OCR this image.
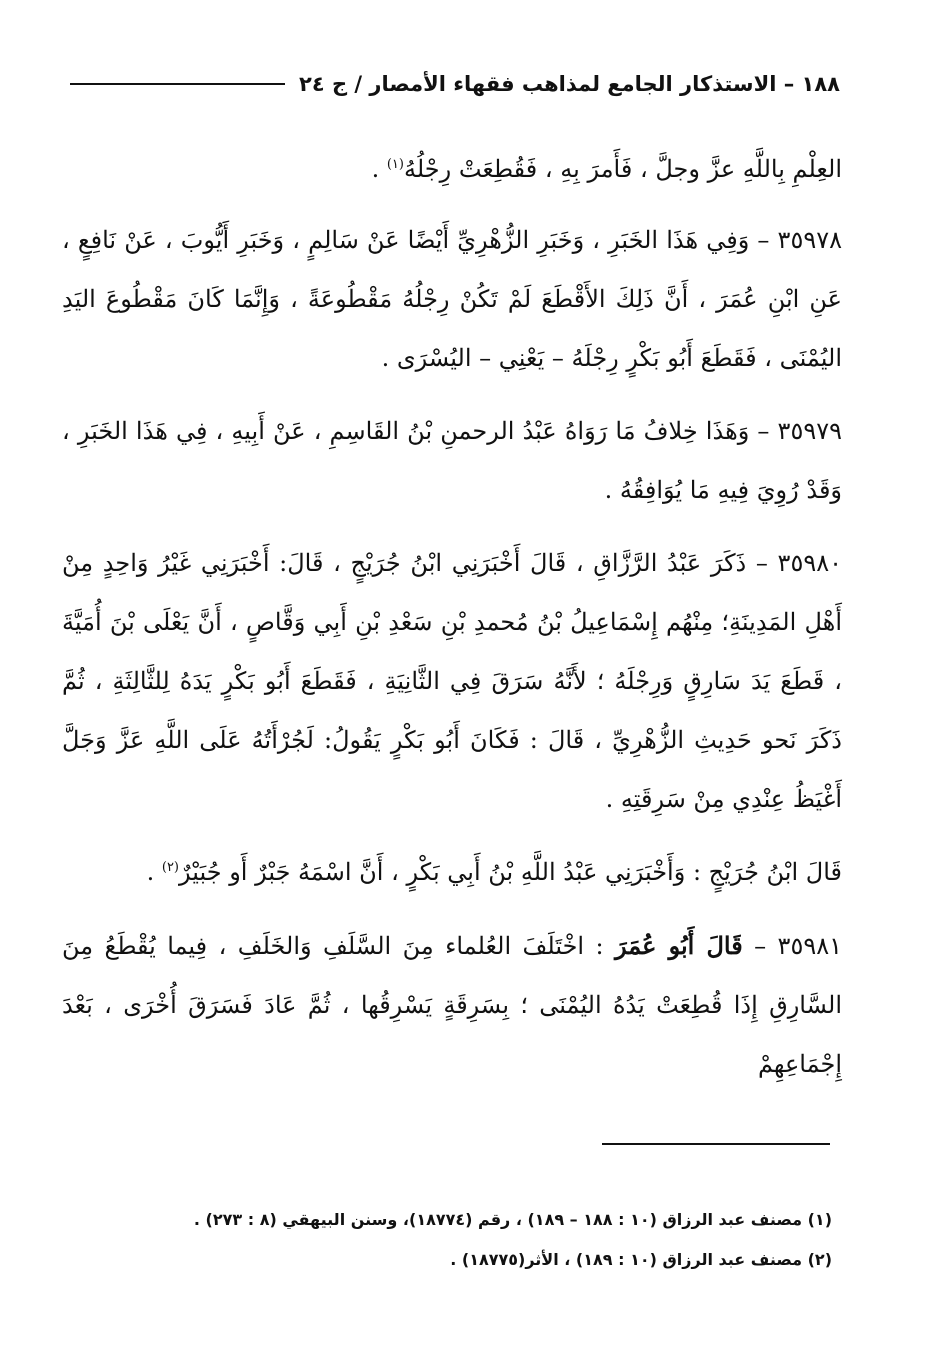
١٨٨ – الاستذكار الجامع لمذاهب فقهاء الأمصار / ج ٢٤

العِلْمِ بِاللَّهِ عزَّ وجلَّ ، فَأَمرَ بِهِ ، فَقُطِعَتْ رِجْلُهُ$^{(١)}$ .

٣٥٩٧٨ – وَفِي هَذَا الخَبَرِ ، وَخَبَرِ الزُّهْرِيِّ أَيْضًا عَنْ سَالِمٍ ، وَخَبَرِ أَيُّوبَ ، عَنْ نَافِعٍ ، عَنِ ابْنِ عُمَرَ ، أَنَّ ذَلِكَ الأَقْطَعَ لَمْ تَكُنْ رِجْلُهُ مَقْطُوعَةً ، وَإِنَّمَا كَانَ مَقْطُوعَ اليَدِ اليُمْنَى ، فَقَطَعَ أَبُو بَكْرٍ رِجْلَهُ – يَعْنِي – اليُسْرَى .

٣٥٩٧٩ – وَهَذَا خِلافُ مَا رَوَاهُ عَبْدُ الرحمنِ بْنُ القَاسِمِ ، عَنْ أَبِيهِ ، فِي هَذَا الخَبَرِ ، وَقَدْ رُوِيَ فِيهِ مَا يُوَافِقُهُ .

٣٥٩٨٠ – ذَكَرَ عَبْدُ الرَّزَّاقِ ، قَالَ أَخْبَرَنِي ابْنُ جُرَيْجٍ ، قَالَ: أَخْبَرَنِي غَيْرُ وَاحِدٍ مِنْ أَهْلِ المَدِينَةِ؛ مِنْهُم إِسْمَاعِيلُ بْنُ مُحمدِ بْنِ سَعْدِ بْنِ أَبِي وَقَّاصٍ ، أَنَّ يَعْلَى بْنَ أُمَيَّةَ ، قَطَعَ يَدَ سَارِقٍ وَرِجْلَهُ ؛ لأَنَّهُ سَرَقَ فِي الثَّانِيَةِ ، فَقَطَعَ أَبُو بَكْرٍ يَدَهُ لِلثَّالِثَةِ ، ثُمَّ ذَكَرَ نَحو حَدِيثِ الزُّهْرِيِّ ، قَالَ : فَكَانَ أَبُو بَكْرٍ يَقُولُ: لَجُرْأَتُهُ عَلَى اللَّهِ عَزَّ وَجَلَّ أَغْيَظُ عِنْدِي مِنْ سَرِقَتِهِ .

قَالَ ابْنُ جُرَيْجٍ : وَأَخْبَرَنِي عَبْدُ اللَّهِ بْنُ أَبِي بَكْرٍ ، أَنَّ اسْمَهُ جَبْرٌ أَو جُبَيْرٌ$^{(٢)}$ .

٣٥٩٨١ – قَالَ أَبُو عُمَرَ : اخْتَلَفَ العُلماء مِنَ السَّلَفِ وَالخَلَفِ ، فِيما يُقْطَعُ مِنَ السَّارِقِ إِذَا قُطِعَتْ يَدُهُ اليُمْنَى ؛ بِسَرِقَةٍ يَسْرِقُها ، ثُمَّ عَادَ فَسَرَقَ أُخْرَى ، بَعْدَ إِجْمَاعِهِمْ

(١) مصنف عبد الرزاق (١٠ : ١٨٨ – ١٨٩) ، رقم (١٨٧٧٤)، وسنن البيهقي (٨ : ٢٧٣) .

(٢) مصنف عبد الرزاق (١٠ : ١٨٩) ، الأثر(١٨٧٧٥) .
